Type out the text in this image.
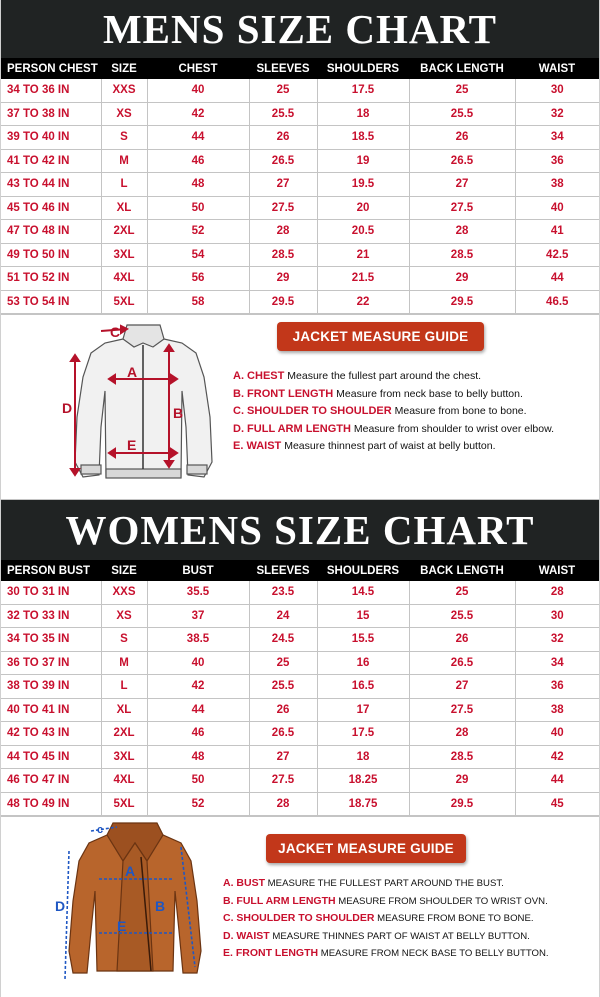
MENS SIZE CHART
PERSON CHEST	SIZE	CHEST	SLEEVES	SHOULDERS	BACK LENGTH	WAIST
34 TO 36 IN	XXS	40	25	17.5	25	30
37 TO 38 IN	XS	42	25.5	18	25.5	32
39 TO 40 IN	S	44	26	18.5	26	34
41 TO 42 IN	M	46	26.5	19	26.5	36
43 TO 44 IN	L	48	27	19.5	27	38
45 TO 46 IN	XL	50	27.5	20	27.5	40
47 TO 48 IN	2XL	52	28	20.5	28	41
49 TO 50 IN	3XL	54	28.5	21	28.5	42.5
51 TO 52 IN	4XL	56	29	21.5	29	44
53 TO 54 IN	5XL	58	29.5	22	29.5	46.5
A
B
C
D
E
JACKET MEASURE GUIDE
A. CHEST Measure the fullest part around the chest.
B. FRONT LENGTH Measure from neck base to belly button.
C. SHOULDER TO SHOULDER Measure from bone to bone.
D. FULL ARM LENGTH Measure from shoulder to wrist over elbow.
E. WAIST Measure thinnest part of waist at belly button.
WOMENS SIZE CHART
PERSON BUST	SIZE	BUST	SLEEVES	SHOULDERS	BACK LENGTH	WAIST
30 TO 31 IN	XXS	35.5	23.5	14.5	25	28
32 TO 33 IN	XS	37	24	15	25.5	30
34 TO 35 IN	S	38.5	24.5	15.5	26	32
36 TO 37 IN	M	40	25	16	26.5	34
38 TO 39 IN	L	42	25.5	16.5	27	36
40 TO 41 IN	XL	44	26	17	27.5	38
42 TO 43 IN	2XL	46	26.5	17.5	28	40
44 TO 45 IN	3XL	48	27	18	28.5	42
46 TO 47 IN	4XL	50	27.5	18.25	29	44
48 TO 49 IN	5XL	52	28	18.75	29.5	45
A
B
c
D
E
JACKET MEASURE GUIDE
A. BUST MEASURE THE FULLEST PART AROUND THE BUST.
B. FULL ARM LENGTH MEASURE FROM SHOULDER TO WRIST OVN.
C. SHOULDER TO SHOULDER MEASURE FROM BONE TO BONE.
D. WAIST MEASURE THINNES PART OF WAIST AT BELLY BUTTON.
E. FRONT LENGTH MEASURE FROM NECK BASE TO BELLY BUTTON.
